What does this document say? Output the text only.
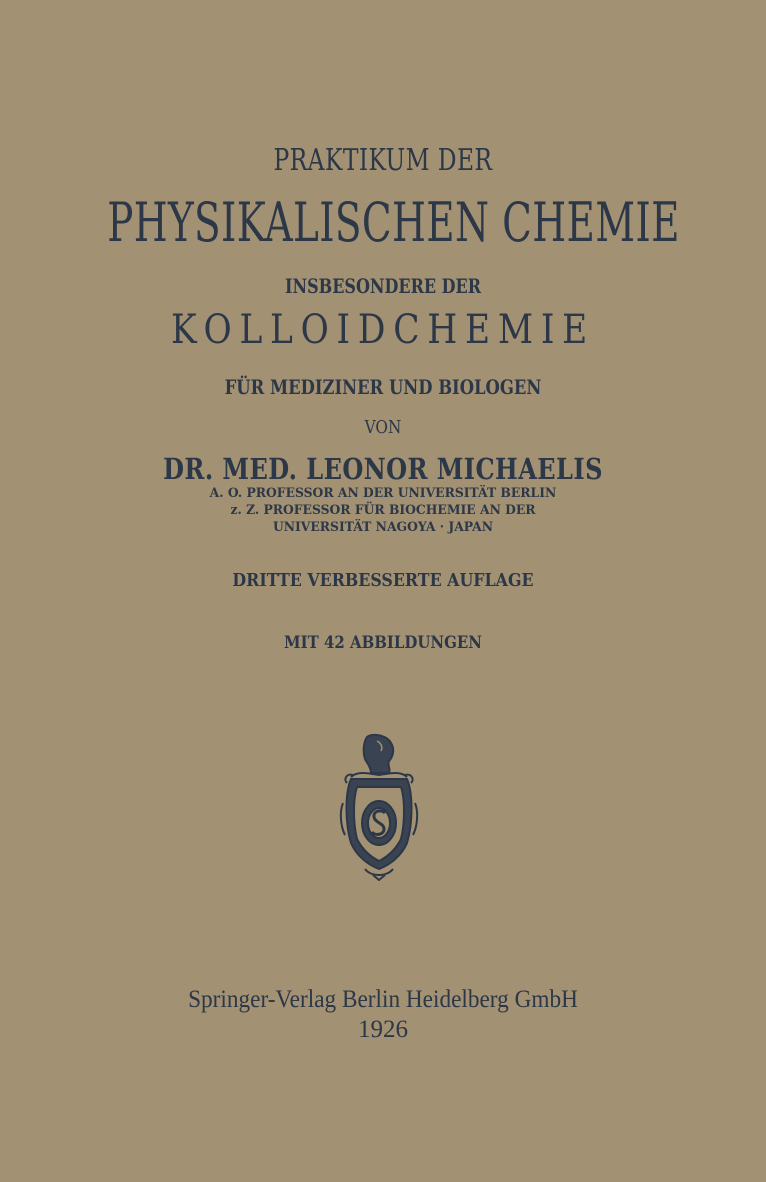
PRAKTIKUM DER

PHYSIKALISCHEN CHEMIE

INSBESONDERE DER

KOLLOIDCHEMIE

FÜR MEDIZINER UND BIOLOGEN

VON

DR. MED. LEONOR MICHAELIS

A. O. PROFESSOR AN DER UNIVERSITÄT BERLIN

z. Z. PROFESSOR FÜR BIOCHEMIE AN DER

UNIVERSITÄT NAGOYA · JAPAN

DRITTE VERBESSERTE AUFLAGE

MIT 42 ABBILDUNGEN

Springer-Verlag Berlin Heidelberg GmbH

1926
